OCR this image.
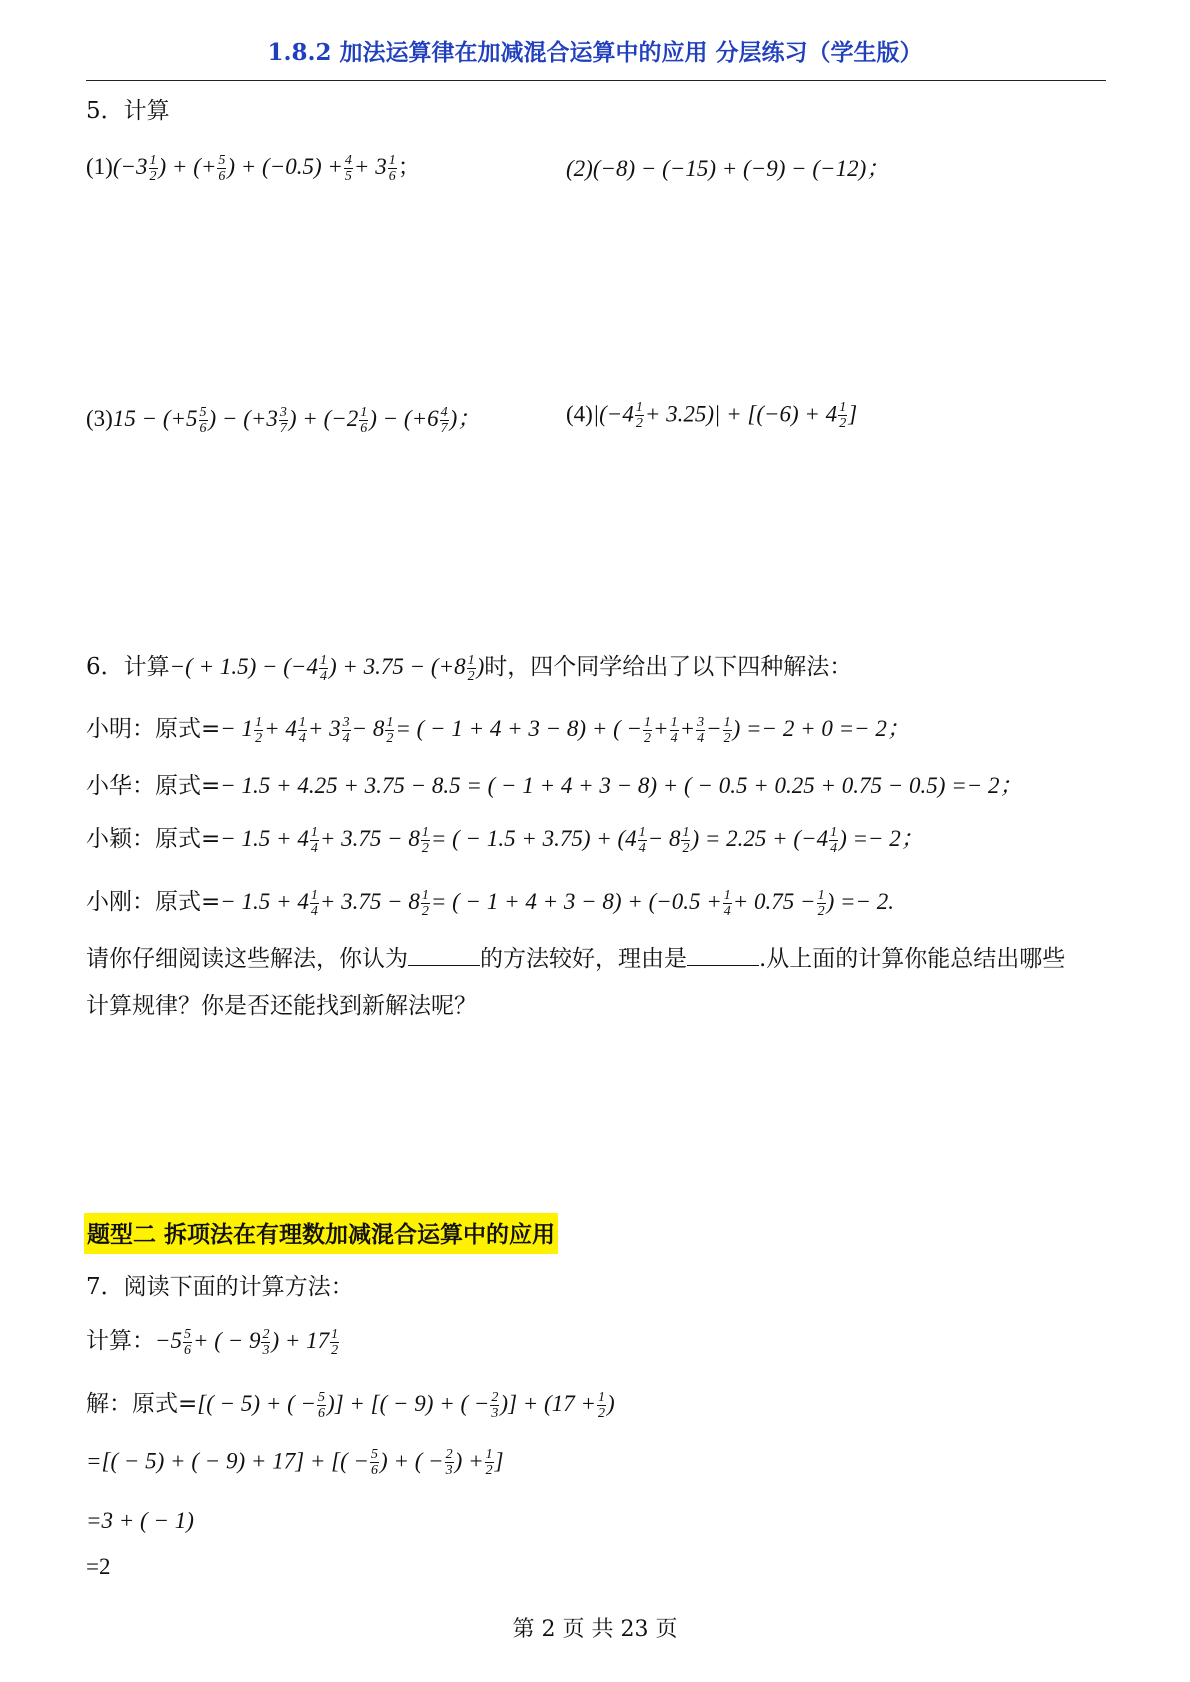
1.8.2 加法运算律在加减混合运算中的应用 分层练习（学生版）
5．计算
$(1)(-3 \frac{1}{2}$ ) + (+ $\frac{5}{6}$ ) + $(-0.5) + \frac{4}{5} + 3 \frac{1}{6}$ ；	(2)(−8) − (−15) + (−9) − (−12)；
$(3)15 - (+5 \frac{5}{6}$ ) − ($+3 \frac{3}{7}$ ) + ($-2 \frac{1}{6}$ ) − ($+6 \frac{4}{7}$ )；	$(4)|(-4 \frac{1}{2} + 3.25)| + [(-6) + 4 \frac{1}{2}$ ]
6．计算−( + $1.5) - (-4 \frac{1}{4}$ ) + $3.75 - (+8 \frac{1}{2}$ )时，四个同学给出了以下四种解法：
小明：原式=− $1 \frac{1}{2} + 4 \frac{1}{4} + 3 \frac{3}{4} - 8 \frac{1}{2}$ = ( − 1 + 4 + 3 − 8) + ( − $\frac{1}{2} + \frac{1}{4} + \frac{3}{4} - \frac{1}{2}$ ) =− 2 + 0 =− 2；
小华：原式=− 1.5 + 4.25 + 3.75 − 8.5 = ( − 1 + 4 + 3 − 8) + ( − 0.5 + 0.25 + 0.75 − 0.5) =− 2；
小颖：原式=− $1.5 + 4 \frac{1}{4} + 3.75 - 8 \frac{1}{2}$ = ( − $1.5 + 3.75) + (4 \frac{1}{4} - 8 \frac{1}{2}$ ) = $2.25 + (-4 \frac{1}{4}$ ) =− 2；
小刚：原式=− $1.5 + 4 \frac{1}{4} + 3.75 - 8 \frac{1}{2}$ = ( − $1 + 4 + 3 - 8) + (-0.5 + \frac{1}{4} + 0.75 - \frac{1}{2}$ ) =− 2.
请你仔细阅读这些解法，你认为	的方法较好，理由是	.从上面的计算你能总结出哪些
计算规律？你是否还能找到新解法呢？
题型二 拆项法在有理数加减混合运算中的应用
7．阅读下面的计算方法：
计算：$-5 \frac{5}{6}$ + ( − $9 \frac{2}{3}$ ) + $17 \frac{1}{2}$
解：原式=[( − 5) + ( − $\frac{5}{6}$ )] + [( − 9) + ( − $\frac{2}{3}$ )] + ($17 + \frac{1}{2}$ )
=[( − 5) + ( − 9) + 17] + [( − $\frac{5}{6}$ ) + ( − $\frac{2}{3}$ ) + $\frac{1}{2}$ ]
=3 + ( − 1)
=2
第 2 页 共 23 页
